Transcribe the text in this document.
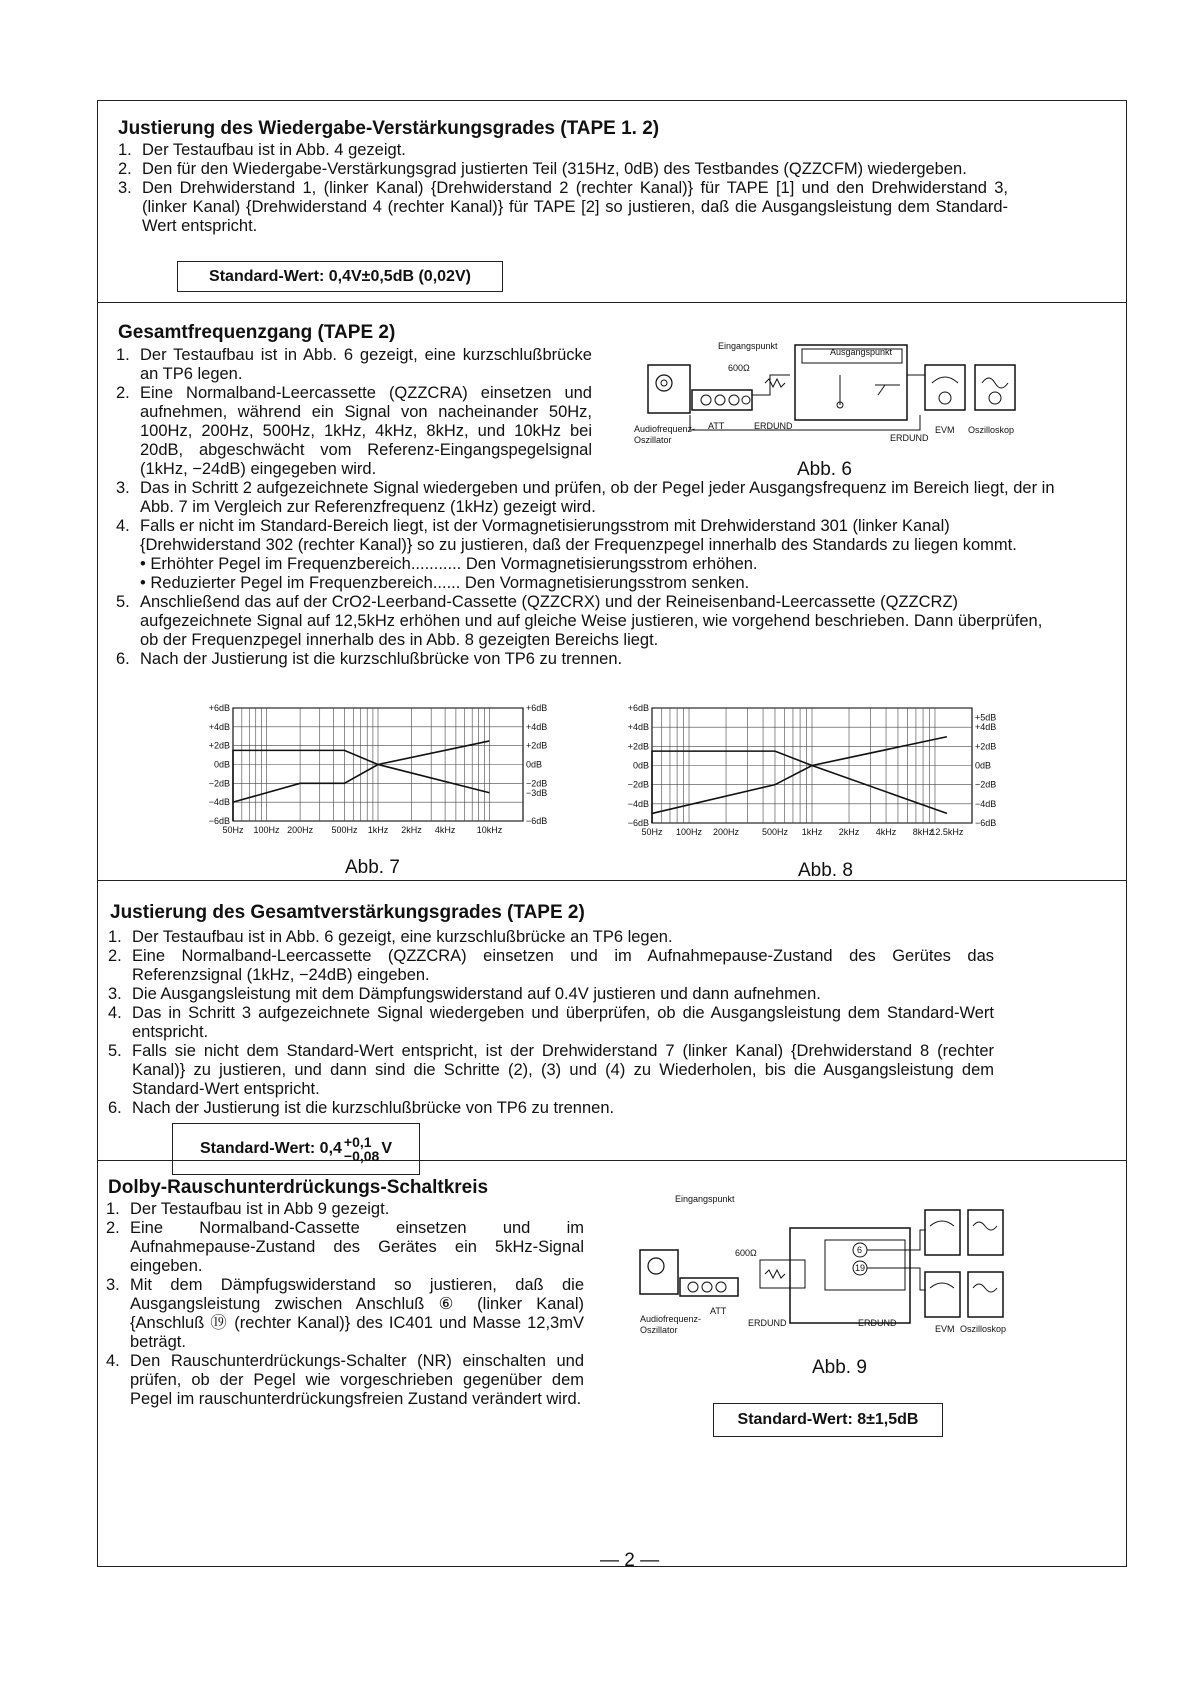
Justierung des Wiedergabe-Verstärkungsgrades (TAPE 1. 2)
1. Der Testaufbau ist in Abb. 4 gezeigt.
2. Den für den Wiedergabe-Verstärkungsgrad justierten Teil (315Hz, 0dB) des Testbandes (QZZCFM) wiedergeben.
3. Den Drehwiderstand 1, (linker Kanal) {Drehwiderstand 2 (rechter Kanal)} für TAPE [1] und den Drehwiderstand 3, (linker Kanal) {Drehwiderstand 4 (rechter Kanal)} für TAPE [2] so justieren, daß die Ausgangsleistung dem Standard-Wert entspricht.
Standard-Wert: 0,4V±0,5dB (0,02V)
Gesamtfrequenzgang (TAPE 2)
1. Der Testaufbau ist in Abb. 6 gezeigt, eine kurzschlußbrücke an TP6 legen.
2. Eine Normalband-Leercassette (QZZCRA) einsetzen und aufnehmen, während ein Signal von nacheinander 50Hz, 100Hz, 200Hz, 500Hz, 1kHz, 4kHz, 8kHz, und 10kHz bei 20dB, abgeschwächt vom Referenz-Eingangspegelsignal (1kHz, −24dB) eingegeben wird.
3. Das in Schritt 2 aufgezeichnete Signal wiedergeben und prüfen, ob der Pegel jeder Ausgangsfrequenz im Bereich liegt, der in Abb. 7 im Vergleich zur Referenzfrequenz (1kHz) gezeigt wird.
4. Falls er nicht im Standard-Bereich liegt, ist der Vormagnetisierungsstrom mit Drehwiderstand 301 (linker Kanal) {Drehwiderstand 302 (rechter Kanal)} so zu justieren, daß der Frequenzpegel innerhalb des Standards zu liegen kommt.
• Erhöhter Pegel im Frequenzbereich........... Den Vormagnetisierungsstrom erhöhen.
• Reduzierter Pegel im Frequenzbereich...... Den Vormagnetisierungsstrom senken.
5. Anschließend das auf der CrO2-Leerband-Cassette (QZZCRX) und der Reineisenband-Leercassette (QZZCRZ) aufgezeichnete Signal auf 12,5kHz erhöhen und auf gleiche Weise justieren, wie vorgehend beschrieben. Dann überprüfen, ob der Frequenzpegel innerhalb des in Abb. 8 gezeigten Bereichs liegt.
6. Nach der Justierung ist die kurzschlußbrücke von TP6 zu trennen.
Eingangspunkt
Ausgangspunkt
600Ω
Audiofrequenz-
Oszillator
ATT	ERDUND
ERDUND
EVM Oszilloskop
Abb. 6
+6dB
+4dB
+2dB
0dB
−2dB
−4dB
−6dB
+6dB
+4dB
+2dB
0dB
−2dB
−3dB
−6dB
50Hz 100Hz 200Hz 500Hz 1kHz 2kHz 4kHz 10kHz
Abb. 7
+6dB
+4dB
+2dB
0dB
−2dB
−4dB
−6dB
+5dB
+4dB
+2dB
0dB
−2dB
−4dB
−6dB
50Hz 100Hz 200Hz	500Hz 1kHz 2kHz 4kHz 8kHz
12.5kHz
Abb. 8
Justierung des Gesamtverstärkungsgrades (TAPE 2)
1. Der Testaufbau ist in Abb. 6 gezeigt, eine kurzschlußbrücke an TP6 legen.
2. Eine Normalband-Leercassette (QZZCRA) einsetzen und im Aufnahmepause-Zustand des Gerütes das Referenzsignal (1kHz, −24dB) eingeben.
3. Die Ausgangsleistung mit dem Dämpfungswiderstand auf 0.4V justieren und dann aufnehmen.
4. Das in Schritt 3 aufgezeichnete Signal wiedergeben und überprüfen, ob die Ausgangsleistung dem Standard-Wert entspricht.
5. Falls sie nicht dem Standard-Wert entspricht, ist der Drehwiderstand 7 (linker Kanal) {Drehwiderstand 8 (rechter Kanal)} zu justieren, und dann sind die Schritte (2), (3) und (4) zu Wiederholen, bis die Ausgangsleistung dem Standard-Wert entspricht.
6. Nach der Justierung ist die kurzschlußbrücke von TP6 zu trennen.
Standard-Wert: 0,4 +0,1
−0,08 V
Dolby-Rauschunterdrückungs-Schaltkreis
1. Der Testaufbau ist in Abb 9 gezeigt.
2. Eine Normalband-Cassette einsetzen und im Aufnahmepause-Zustand des Gerätes ein 5kHz-Signal eingeben.
3. Mit dem Dämpfugswiderstand so justieren, daß die Ausgangsleistung zwischen Anschluß ⑥ (linker Kanal) {Anschluß ⑲ (rechter Kanal)} des IC401 und Masse 12,3mV beträgt.
4. Den Rauschunterdrückungs-Schalter (NR) einschalten und prüfen, ob der Pegel wie vorgeschrieben gegenüber dem Pegel im rauschunterdrückungsfreien Zustand verändert wird.
6
19
Eingangspunkt
600Ω
Audiofrequenz-
Oszillator
ATT
ERDUND	ERDUND
EVM Oszilloskop
Abb. 9
Standard-Wert: 8±1,5dB
— 2 —
